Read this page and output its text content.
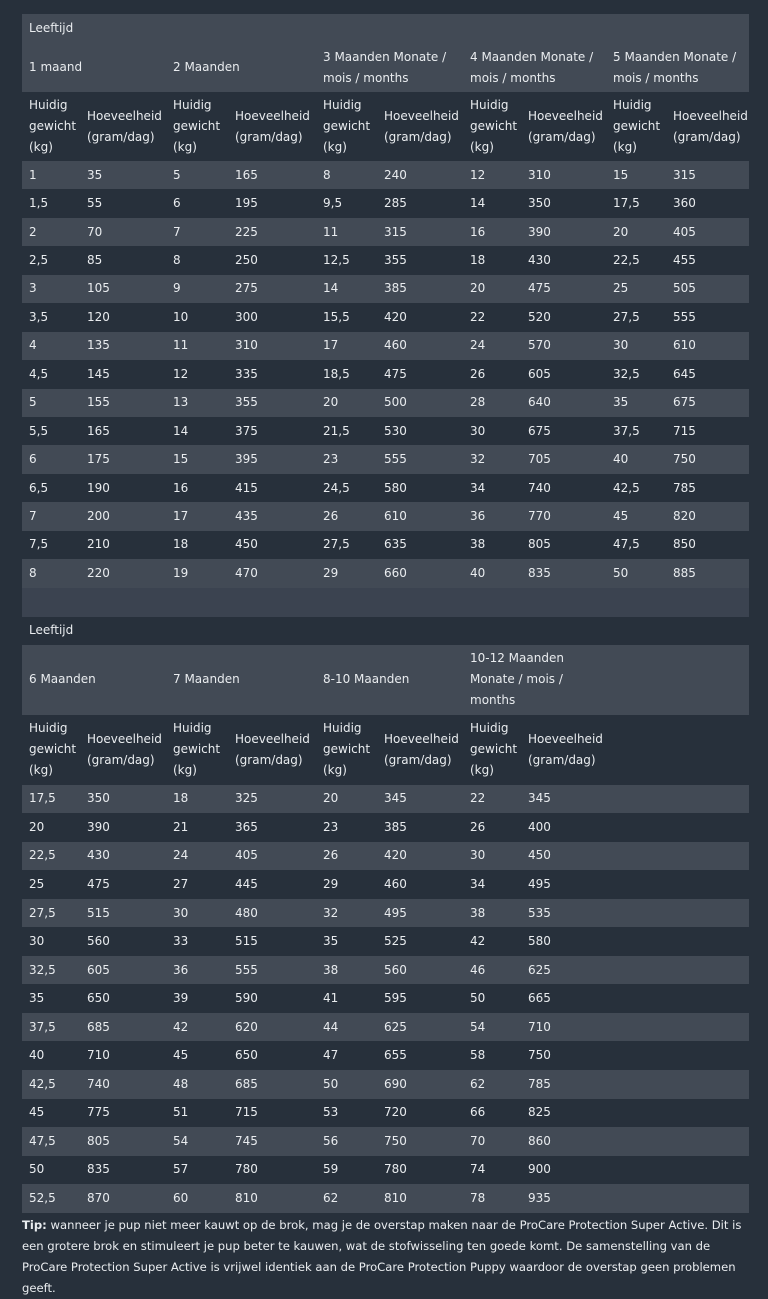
Leeftijd									
1 maand		2 Maanden		3 Maanden Monate / mois / months		4 Maanden Monate / mois / months		5 Maanden Monate / mois / months	
Huidig gewicht (kg)	Hoeveelheid (gram/dag)	Huidig gewicht (kg)	Hoeveelheid (gram/dag)	Huidig gewicht (kg)	Hoeveelheid (gram/dag)	Huidig gewicht (kg)	Hoeveelheid (gram/dag)	Huidig gewicht (kg)	Hoeveelheid (gram/dag)
1	35	5	165	8	240	12	310	15	315
1,5	55	6	195	9,5	285	14	350	17,5	360
2	70	7	225	11	315	16	390	20	405
2,5	85	8	250	12,5	355	18	430	22,5	455
3	105	9	275	14	385	20	475	25	505
3,5	120	10	300	15,5	420	22	520	27,5	555
4	135	11	310	17	460	24	570	30	610
4,5	145	12	335	18,5	475	26	605	32,5	645
5	155	13	355	20	500	28	640	35	675
5,5	165	14	375	21,5	530	30	675	37,5	715
6	175	15	395	23	555	32	705	40	750
6,5	190	16	415	24,5	580	34	740	42,5	785
7	200	17	435	26	610	36	770	45	820
7,5	210	18	450	27,5	635	38	805	47,5	850
8	220	19	470	29	660	40	835	50	885

Leeftijd									
6 Maanden		7 Maanden		8-10 Maanden		10-12 Maanden Monate / mois / months			
Huidig gewicht (kg)	Hoeveelheid (gram/dag)	Huidig gewicht (kg)	Hoeveelheid (gram/dag)	Huidig gewicht (kg)	Hoeveelheid (gram/dag)	Huidig gewicht (kg)	Hoeveelheid (gram/dag)		
17,5	350	18	325	20	345	22	345		
20	390	21	365	23	385	26	400		
22,5	430	24	405	26	420	30	450		
25	475	27	445	29	460	34	495		
27,5	515	30	480	32	495	38	535		
30	560	33	515	35	525	42	580		
32,5	605	36	555	38	560	46	625		
35	650	39	590	41	595	50	665		
37,5	685	42	620	44	625	54	710		
40	710	45	650	47	655	58	750		
42,5	740	48	685	50	690	62	785		
45	775	51	715	53	720	66	825		
47,5	805	54	745	56	750	70	860		
50	835	57	780	59	780	74	900		
52,5	870	60	810	62	810	78	935		
Tip: wanneer je pup niet meer kauwt op de brok, mag je de overstap maken naar de ProCare Protection Super Active. Dit is een grotere brok en stimuleert je pup beter te kauwen, wat de stofwisseling ten goede komt. De samenstelling van de ProCare Protection Super Active is vrijwel identiek aan de ProCare Protection Puppy waardoor de overstap geen problemen geeft.
